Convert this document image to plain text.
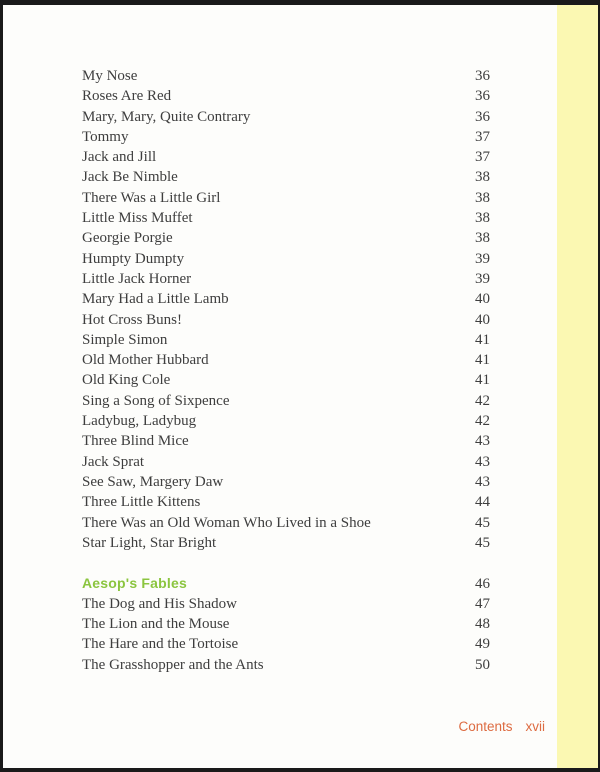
My Nose	36
Roses Are Red	36
Mary, Mary, Quite Contrary	36
Tommy	37
Jack and Jill	37
Jack Be Nimble	38
There Was a Little Girl	38
Little Miss Muffet	38
Georgie Porgie	38
Humpty Dumpty	39
Little Jack Horner	39
Mary Had a Little Lamb	40
Hot Cross Buns!	40
Simple Simon	41
Old Mother Hubbard	41
Old King Cole	41
Sing a Song of Sixpence	42
Ladybug, Ladybug	42
Three Blind Mice	43
Jack Sprat	43
See Saw, Margery Daw	43
Three Little Kittens	44
There Was an Old Woman Who Lived in a Shoe	45
Star Light, Star Bright	45
Aesop's Fables	46
The Dog and His Shadow	47
The Lion and the Mouse	48
The Hare and the Tortoise	49
The Grasshopper and the Ants	50
Contents xvii
